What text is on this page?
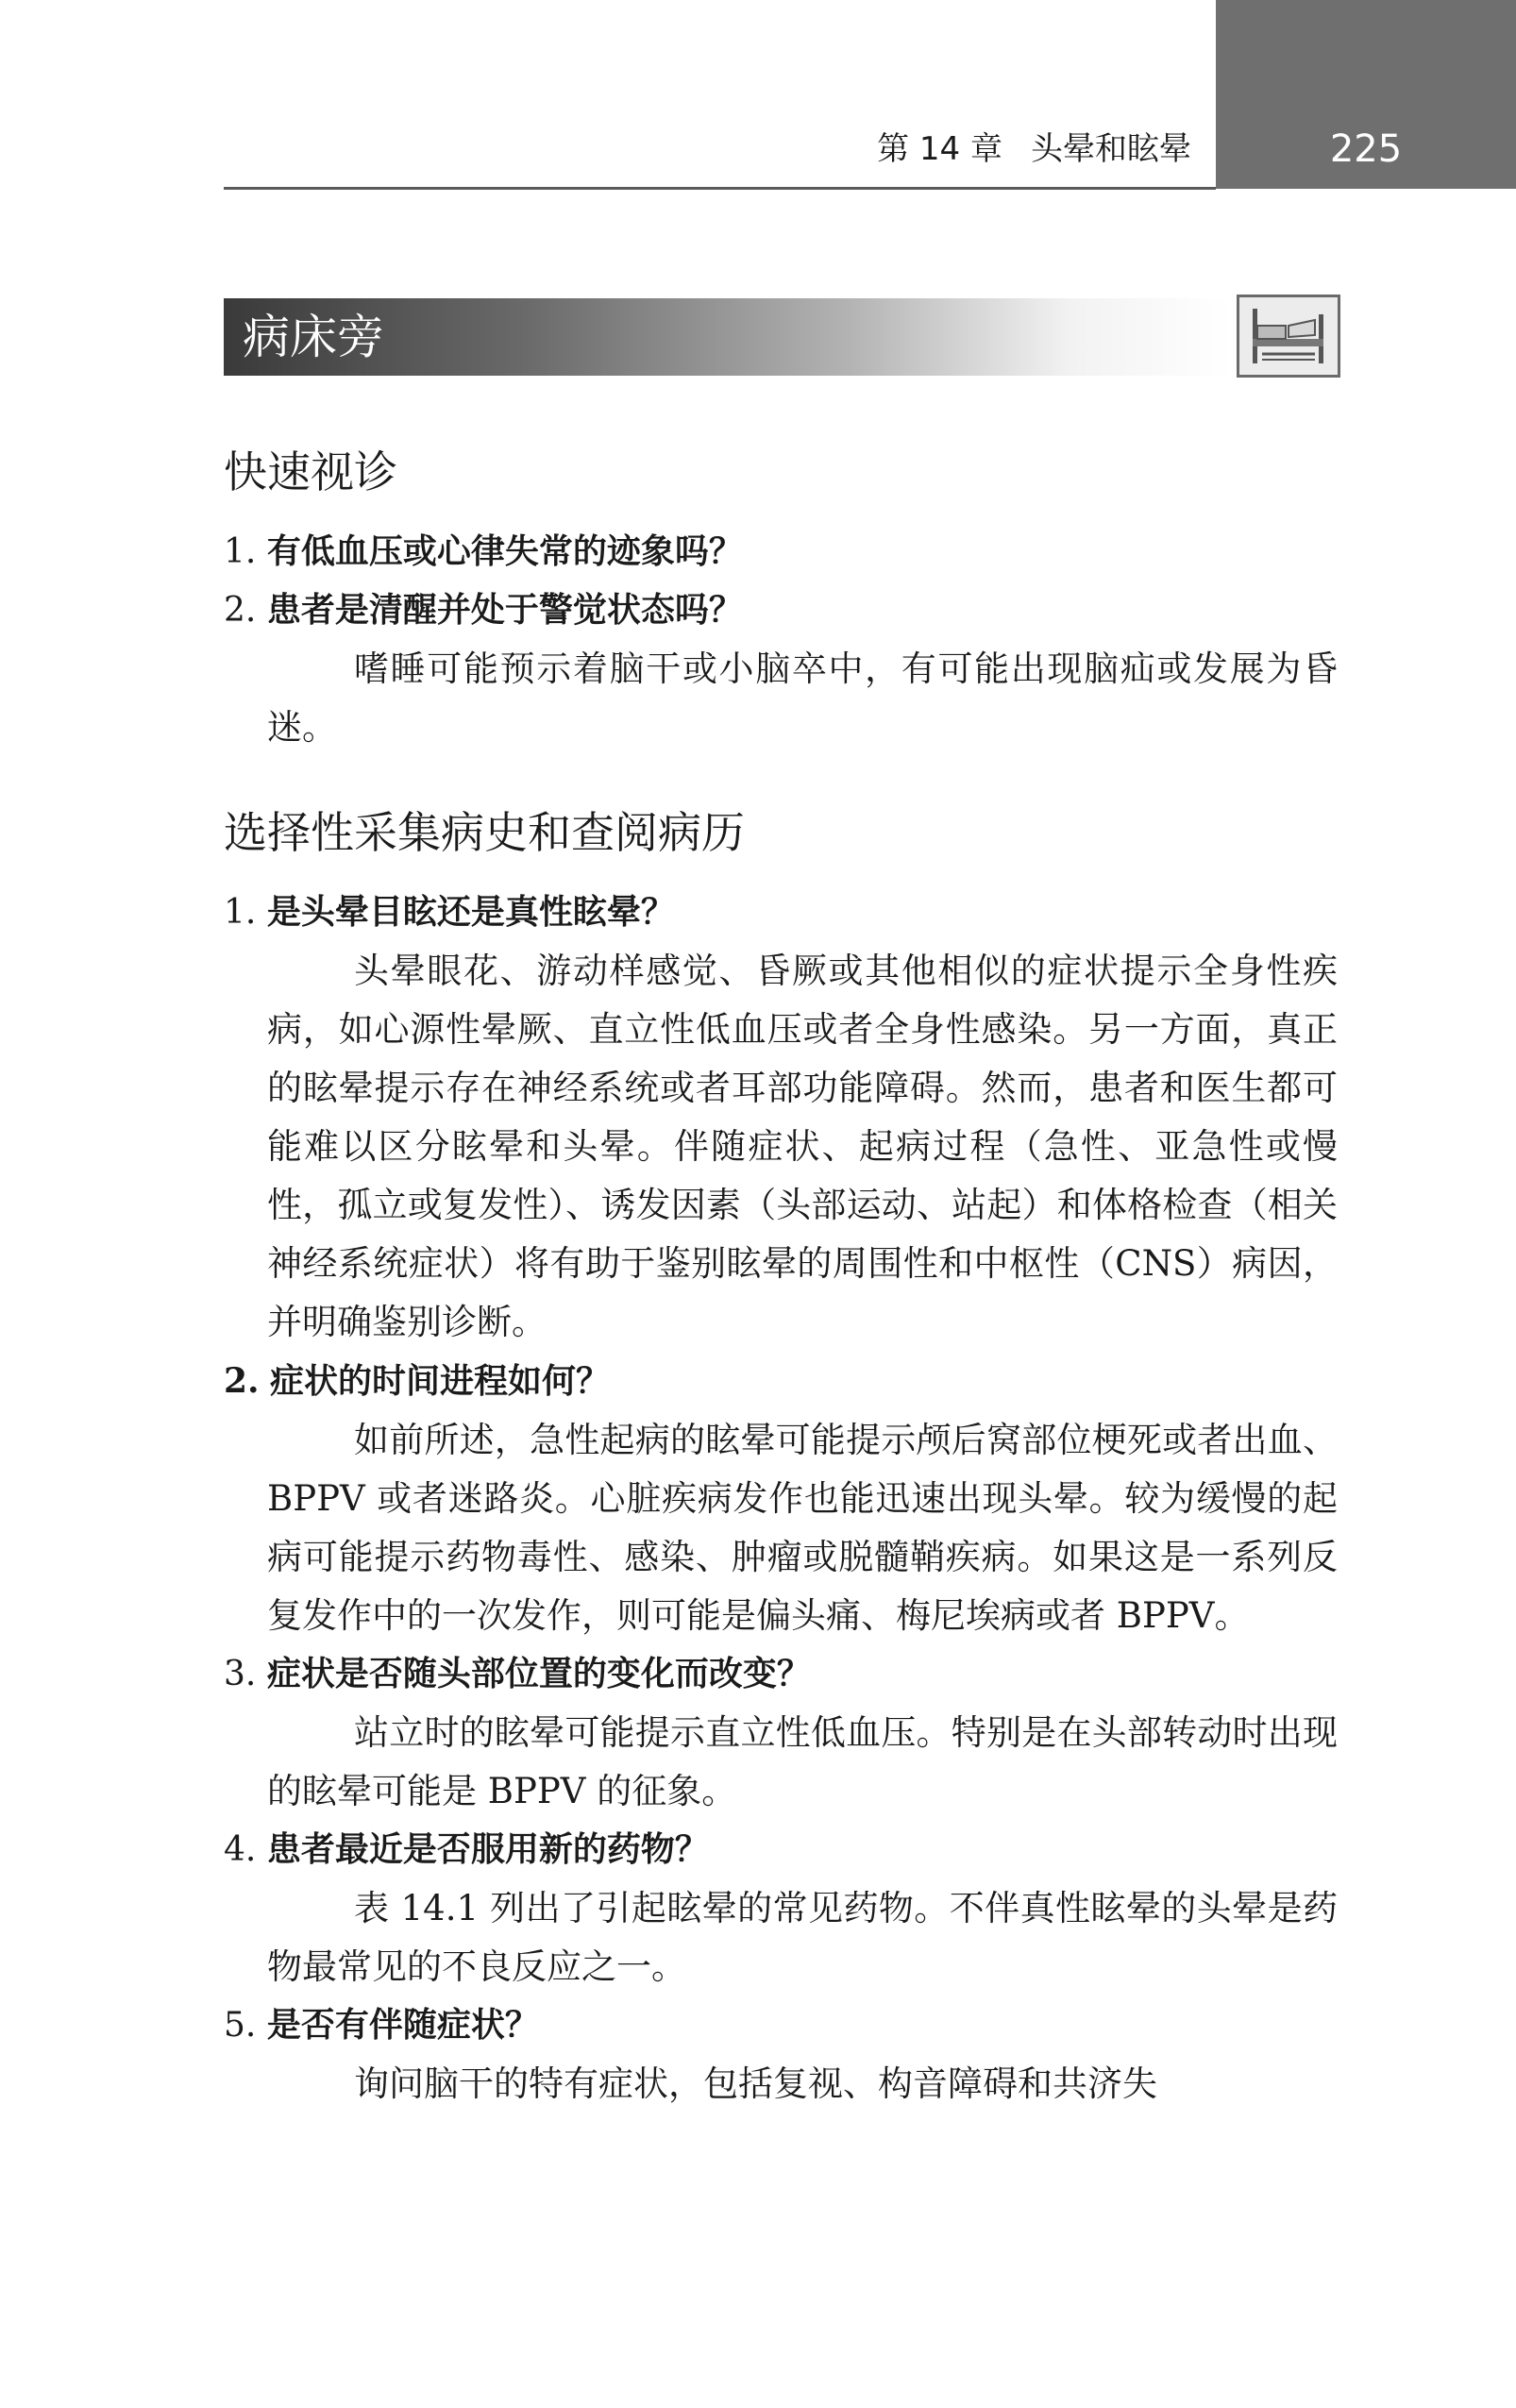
225
第 14 章 头晕和眩晕
病床旁
快速视诊

1. 有低血压或心律失常的迹象吗？

2. 患者是清醒并处于警觉状态吗？

嗜睡可能预示着脑干或小脑卒中，有可能出现脑疝或发展为昏迷。

选择性采集病史和查阅病历

1. 是头晕目眩还是真性眩晕？

头晕眼花、游动样感觉、昏厥或其他相似的症状提示全身性疾病，如心源性晕厥、直立性低血压或者全身性感染。另一方面，真正的眩晕提示存在神经系统或者耳部功能障碍。然而，患者和医生都可能难以区分眩晕和头晕。伴随症状、起病过程（急性、亚急性或慢性，孤立或复发性）、诱发因素（头部运动、站起）和体格检查（相关神经系统症状）将有助于鉴别眩晕的周围性和中枢性（CNS）病因，并明确鉴别诊断。

2. 症状的时间进程如何？

如前所述，急性起病的眩晕可能提示颅后窝部位梗死或者出血、BPPV 或者迷路炎。心脏疾病发作也能迅速出现头晕。较为缓慢的起病可能提示药物毒性、感染、肿瘤或脱髓鞘疾病。如果这是一系列反复发作中的一次发作，则可能是偏头痛、梅尼埃病或者 BPPV。

3. 症状是否随头部位置的变化而改变？

站立时的眩晕可能提示直立性低血压。特别是在头部转动时出现的眩晕可能是 BPPV 的征象。

4. 患者最近是否服用新的药物？

表 14.1 列出了引起眩晕的常见药物。不伴真性眩晕的头晕是药物最常见的不良反应之一。

5. 是否有伴随症状？

询问脑干的特有症状，包括复视、构音障碍和共济失
